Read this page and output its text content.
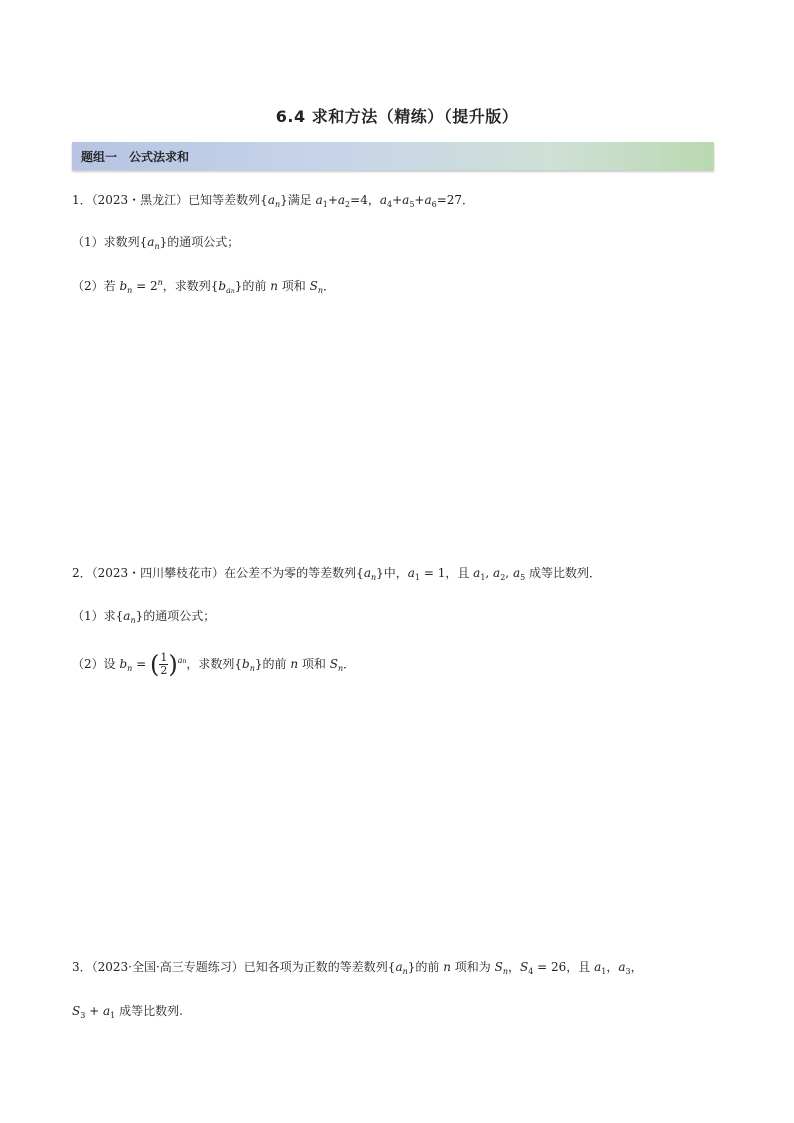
6.4 求和方法（精练）（提升版）
题组一　公式法求和
1．（2023・黑龙江）已知等差数列$\{a_n\}$满足 $a_1+a_2=4$，$a_4+a_5+a_6=27$．
（1）求数列$\{a_n\}$的通项公式；
（2）若 $b_n = 2^n$，求数列$\{b_{an}\}$的前 n 项和 $S_n$．
2．（2023・四川攀枝花市）在公差不为零的等差数列$\{a_n\}$中，$a_1 = 1$，且 $a_1$, $a_2$, $a_5$ 成等比数列．
（1）求$\{a_n\}$的通项公式；
（2）设 $b_n$ = ( $\frac{1}{2} )^{an}$，求数列$\{b_n\}$的前 n 项和 $S_n$．
3．（2023·全国·高三专题练习）已知各项为正数的等差数列$\{a_n\}$的前 n 项和为 $S_n$，$S_4 = 26$，且 $a_1$，$a_3$，
$S_3 + a_1$ 成等比数列.
